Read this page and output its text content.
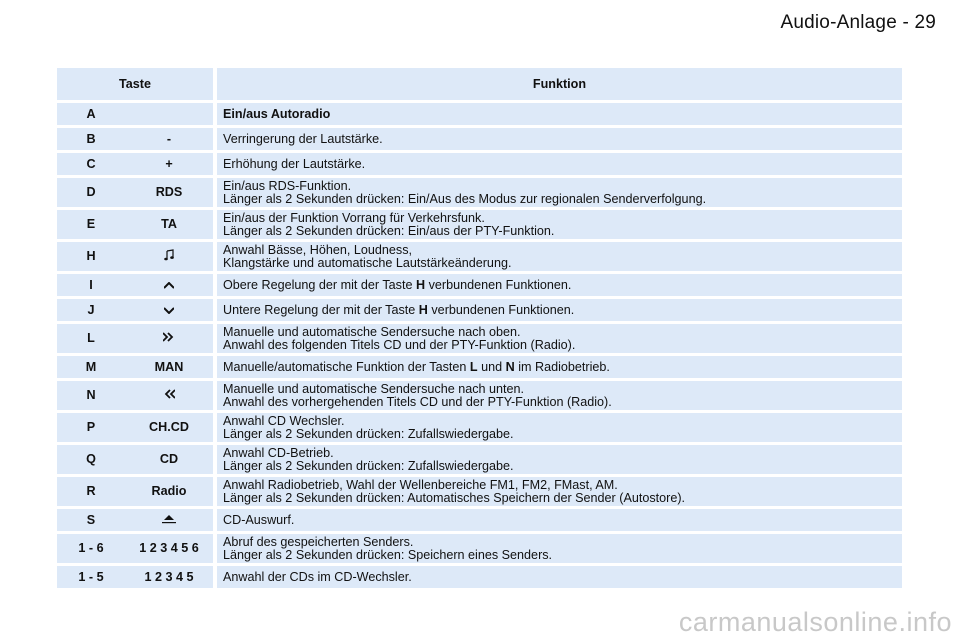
Audio-Anlage - 29
Taste			Funktion
A			Ein/aus Autoradio
B	-		Verringerung der Lautstärke.
C	+		Erhöhung der Lautstärke.
D	RDS		Ein/aus RDS-Funktion.
Länger als 2 Sekunden drücken: Ein/Aus des Modus zur regionalen Senderverfolgung.
E	TA		Ein/aus der Funktion Vorrang für Verkehrsfunk.
Länger als 2 Sekunden drücken: Ein/aus der PTY-Funktion.
H			Anwahl Bässe, Höhen, Loudness,
Klangstärke und automatische Lautstärkeänderung.
I			Obere Regelung der mit der Taste H verbundenen Funktionen.
J			Untere Regelung der mit der Taste H verbundenen Funktionen.
L			Manuelle und automatische Sendersuche nach oben.
Anwahl des folgenden Titels CD und der PTY-Funktion (Radio).
M	MAN		Manuelle/automatische Funktion der Tasten L und N im Radiobetrieb.
N			Manuelle und automatische Sendersuche nach unten.
Anwahl des vorhergehenden Titels CD und der PTY-Funktion (Radio).
P	CH.CD		Anwahl CD Wechsler.
Länger als 2 Sekunden drücken: Zufallswiedergabe.
Q	CD		Anwahl CD-Betrieb.
Länger als 2 Sekunden drücken: Zufallswiedergabe.
R	Radio		Anwahl Radiobetrieb, Wahl der Wellenbereiche FM1, FM2, FMast, AM.
Länger als 2 Sekunden drücken: Automatisches Speichern der Sender (Autostore).
S			CD-Auswurf.
1 - 6	1 2 3 4 5 6		Abruf des gespeicherten Senders.
Länger als 2 Sekunden drücken: Speichern eines Senders.
1 - 5	1 2 3 4 5		Anwahl der CDs im CD-Wechsler.
carmanualsonline.info
